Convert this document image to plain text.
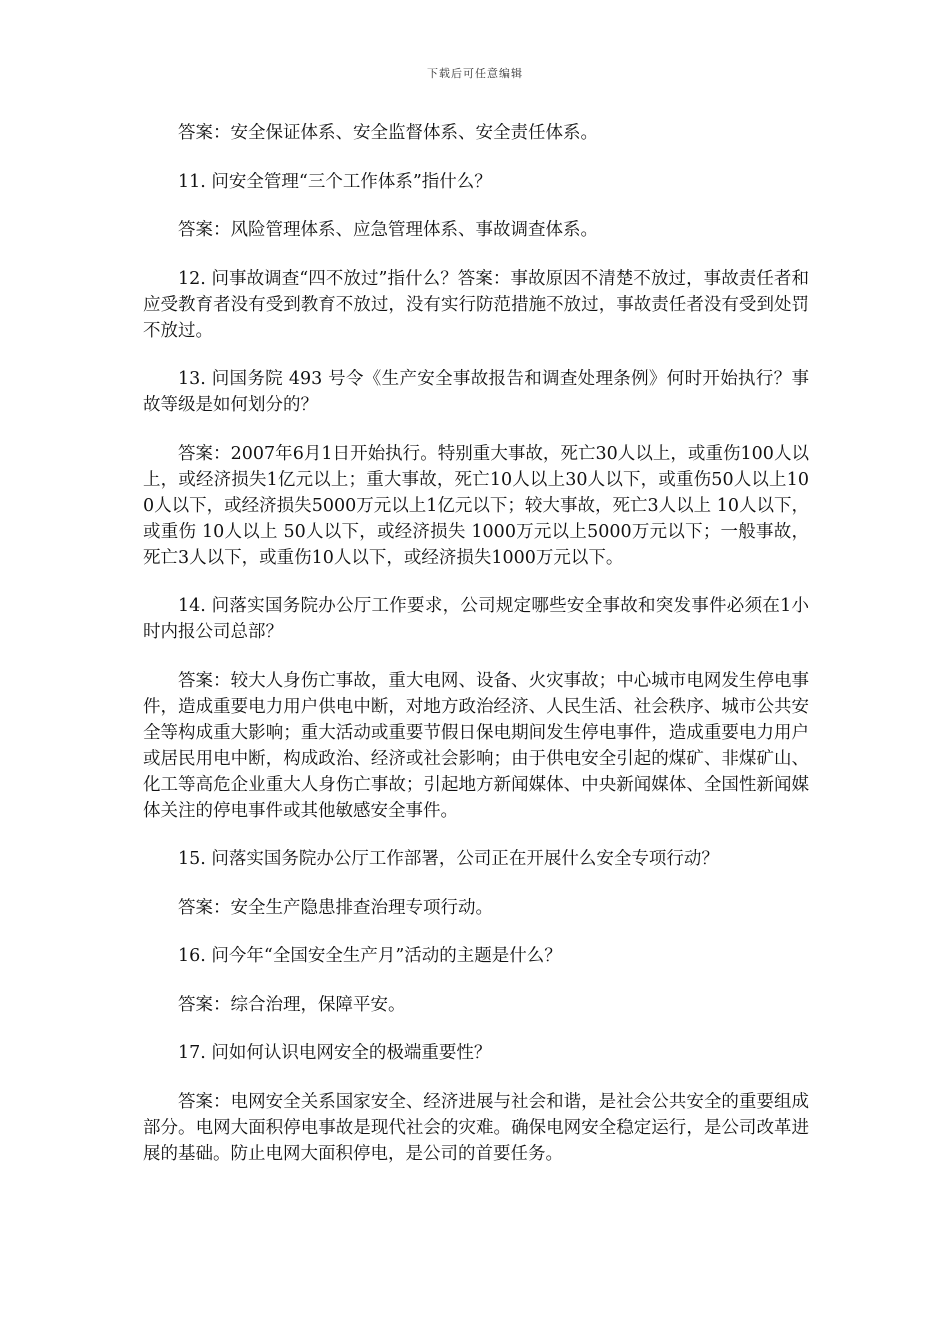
下载后可任意编辑

答案：安全保证体系、安全监督体系、安全责任体系。

11. 问安全管理“三个工作体系”指什么？

答案：风险管理体系、应急管理体系、事故调查体系。

12. 问事故调查“四不放过”指什么？答案：事故原因不清楚不放过，事故责任者和应受教育者没有受到教育不放过，没有实行防范措施不放过，事故责任者没有受到处罚不放过。

13. 问国务院 493 号令《生产安全事故报告和调查处理条例》何时开始执行？事故等级是如何划分的？

答案：2007年6月1日开始执行。特别重大事故，死亡30人以上，或重伤100人以上，或经济损失1亿元以上；重大事故，死亡10人以上30人以下，或重伤50人以上100人以下，或经济损失5000万元以上1亿元以下；较大事故，死亡3人以上 10人以下，或重伤 10人以上 50人以下，或经济损失 1000万元以上5000万元以下；一般事故，死亡3人以下，或重伤10人以下，或经济损失1000万元以下。

14. 问落实国务院办公厅工作要求，公司规定哪些安全事故和突发事件必须在1小时内报公司总部？

答案：较大人身伤亡事故，重大电网、设备、火灾事故；中心城市电网发生停电事件，造成重要电力用户供电中断，对地方政治经济、人民生活、社会秩序、城市公共安全等构成重大影响；重大活动或重要节假日保电期间发生停电事件，造成重要电力用户或居民用电中断，构成政治、经济或社会影响；由于供电安全引起的煤矿、非煤矿山、化工等高危企业重大人身伤亡事故；引起地方新闻媒体、中央新闻媒体、全国性新闻媒体关注的停电事件或其他敏感安全事件。

15. 问落实国务院办公厅工作部署，公司正在开展什么安全专项行动？

答案：安全生产隐患排查治理专项行动。

16. 问今年“全国安全生产月”活动的主题是什么？

答案：综合治理，保障平安。

17. 问如何认识电网安全的极端重要性？

答案：电网安全关系国家安全、经济进展与社会和谐，是社会公共安全的重要组成部分。电网大面积停电事故是现代社会的灾难。确保电网安全稳定运行，是公司改革进展的基础。防止电网大面积停电，是公司的首要任务。
